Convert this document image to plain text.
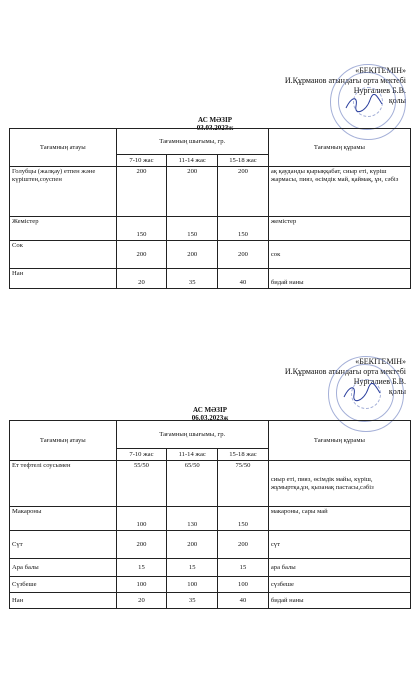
«БЕКІТЕМІН»
И.Құрманов атындағы орта мектебі
Нургалиев Б.В.
қолы
АС МӘЗІР
03.03.2023ж
Тағамның атауы	Тағамның шығымы, гр.			Тағамның құрамы
	7-10 жас	11-14 жас	15-18 жас	
Голубцы (жалқау) етпен және күріштен,соуспен	200	200	200	ақ қауданды қырыққабат, сиыр еті, күріш жармасы, пияз, өсімдік май, қаймақ, ұн, сәбіз
Жемістер	150	150	150	жемістер
Сок	200	200	200	сок
Нан	20	35	40	бидай наны
«БЕКІТЕМІН»
И.Құрманов атындағы орта мектебі
Нургалиев Б.В.
қолы
АС МӘЗІР
06.03.2023ж
Тағамның атауы	Тағамның шығымы, гр.			Тағамның құрамы
	7-10 жас	11-14 жас	15-18 жас	
Ет тефтелі соусымен	55/50	65/50	75/50	сиыр еті, пияз, өсімдік майы, күріш, жұмыртқа,ұн, қызанақ пастасы,сәбіз
Макароны	100	130	150	макароны, сары май
Сүт	200	200	200	сүт
Ара балы	15	15	15	ара балы
Сүзбеше	100	100	100	сүзбеше
Нан	20	35	40	бидай наны
